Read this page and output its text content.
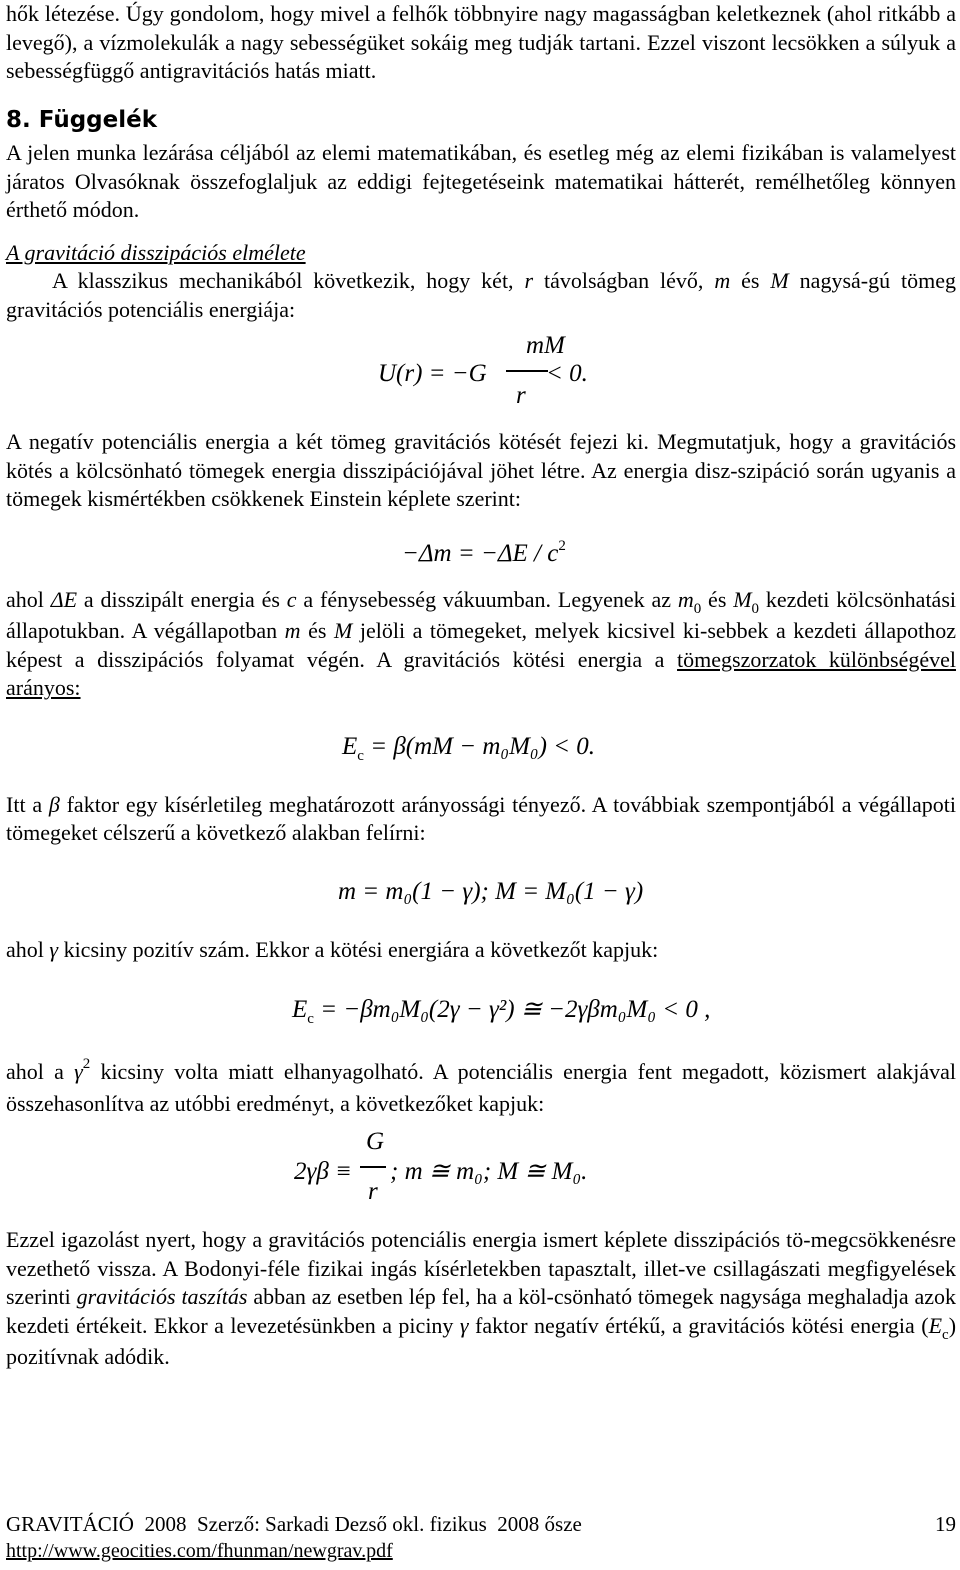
hők létezése. Úgy gondolom, hogy mivel a felhők többnyire nagy magasságban keletkeznek (ahol ritkább a levegő), a vízmolekulák a nagy sebességüket sokáig meg tudják tartani. Ezzel viszont lecsökken a súlyuk a sebességfüggő antigravitációs hatás miatt.

8. Függelék

A jelen munka lezárása céljából az elemi matematikában, és esetleg még az elemi fizikában is valamelyest járatos Olvasóknak összefoglaljuk az eddigi fejtegetéseink matematikai hátterét, remélhetőleg könnyen érthető módon.

A gravitáció disszipációs elmélete

A klasszikus mechanikából következik, hogy két, r távolságban lévő, m és M nagysá-gú tömeg gravitációs potenciális energiája:

U(r) = −G
mM
r
< 0.

A negatív potenciális energia a két tömeg gravitációs kötését fejezi ki. Megmutatjuk, hogy a gravitációs kötés a kölcsönható tömegek energia disszipációjával jöhet létre. Az energia disz-szipáció során ugyanis a tömegek kismértékben csökkenek Einstein képlete szerint:

$-\Delta m = -\Delta E / c^2$

ahol ΔE a disszipált energia és c a fénysebesség vákuumban. Legyenek az $m_0$ és $M_0$ kezdeti kölcsönhatási állapotukban. A végállapotban m és M jelöli a tömegeket, melyek kicsivel ki-sebbek a kezdeti állapothoz képest a disszipációs folyamat végén. A gravitációs kötési energia a tömegszorzatok különbségével arányos:

$E_c = \beta(mM - m_0M_0) < 0$.

Itt a β faktor egy kísérletileg meghatározott arányossági tényező. A továbbiak szempontjából a végállapoti tömegeket célszerű a következő alakban felírni:

m = m₀(1 − γ); M = M₀(1 − γ)

ahol γ kicsiny pozitív szám. Ekkor a kötési energiára a következőt kapjuk:

$E_c = -\beta m_0M_0(2\gamma - \gamma^2)$ ≅ −2γβm₀M₀ < 0 ,

ahol a $\gamma^2$ kicsiny volta miatt elhanyagolható. A potenciális energia fent megadott, közismert alakjával összehasonlítva az utóbbi eredményt, a következőket kapjuk:

2γβ ≡
G
r
; m ≅ m₀; M ≅ M₀.

Ezzel igazolást nyert, hogy a gravitációs potenciális energia ismert képlete disszipációs tö-megcsökkenésre vezethető vissza. A Bodonyi-féle fizikai ingás kísérletekben tapasztalt, illet-ve csillagászati megfigyelések szerinti gravitációs taszítás abban az esetben lép fel, ha a köl-csönható tömegek nagysága meghaladja azok kezdeti értékeit. Ekkor a levezetésünkben a piciny γ faktor negatív értékű, a gravitációs kötési energia $(E_c)$ pozitívnak adódik.

GRAVITÁCIÓ  2008  Szerző: Sarkadi Dezső okl. fizikus  2008 ősze	19
http://www.geocities.com/fhunman/newgrav.pdf
